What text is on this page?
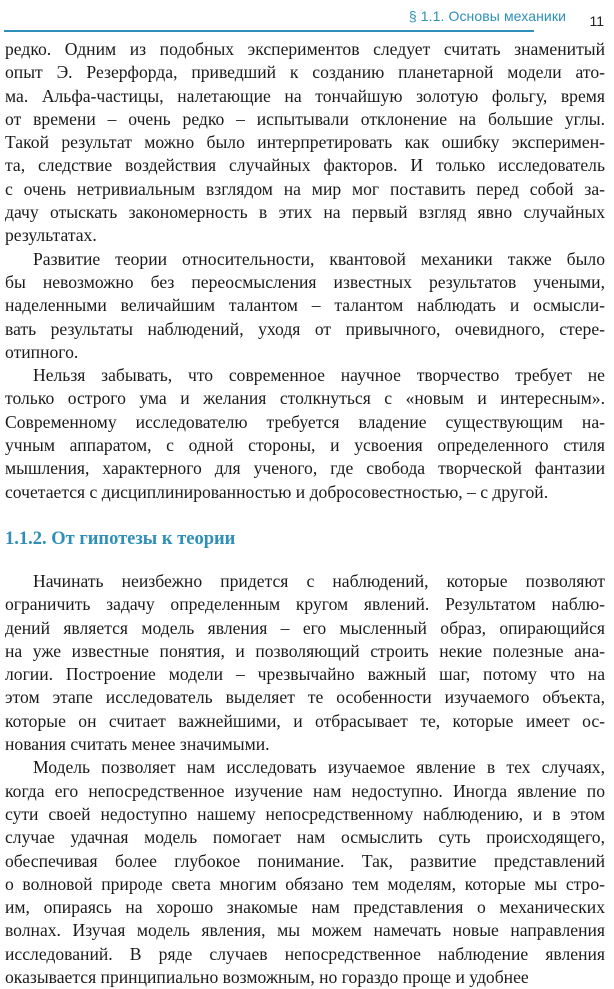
§ 1.1. Основы механики 11

редко. Одним из подобных экспериментов следует считать знаменитый
опыт Э. Резерфорда, приведший к созданию планетарной модели ато-
ма. Альфа-частицы, налетающие на тончайшую золотую фольгу, время
от времени – очень редко – испытывали отклонение на большие углы.
Такой результат можно было интерпретировать как ошибку эксперимен-
та, следствие воздействия случайных факторов. И только исследователь
с очень нетривиальным взглядом на мир мог поставить перед собой за-
дачу отыскать закономерность в этих на первый взгляд явно случайных
результатах.

Развитие теории относительности, квантовой механики также было
бы невозможно без переосмысления известных результатов учеными,
наделенными величайшим талантом – талантом наблюдать и осмысли-
вать результаты наблюдений, уходя от привычного, очевидного, стере-
отипного.

Нельзя забывать, что современное научное творчество требует не
только острого ума и желания столкнуться с «новым и интересным».
Современному исследователю требуется владение существующим на-
учным аппаратом, с одной стороны, и усвоения определенного стиля
мышления, характерного для ученого, где свобода творческой фантазии
сочетается с дисциплинированностью и добросовестностью, – с другой.

1.1.2. От гипотезы к теории

Начинать неизбежно придется с наблюдений, которые позволяют
ограничить задачу определенным кругом явлений. Результатом наблю-
дений является модель явления – его мысленный образ, опирающийся
на уже известные понятия, и позволяющий строить некие полезные ана-
логии. Построение модели – чрезвычайно важный шаг, потому что на
этом этапе исследователь выделяет те особенности изучаемого объекта,
которые он считает важнейшими, и отбрасывает те, которые имеет ос-
нования считать менее значимыми.

Модель позволяет нам исследовать изучаемое явление в тех случаях,
когда его непосредственное изучение нам недоступно. Иногда явление по
сути своей недоступно нашему непосредственному наблюдению, и в этом
случае удачная модель помогает нам осмыслить суть происходящего,
обеспечивая более глубокое понимание. Так, развитие представлений
о волновой природе света многим обязано тем моделям, которые мы стро-
им, опираясь на хорошо знакомые нам представления о механических
волнах. Изучая модель явления, мы можем намечать новые направления
исследований. В ряде случаев непосредственное наблюдение явления
оказывается принципиально возможным, но гораздо проще и удобнее
